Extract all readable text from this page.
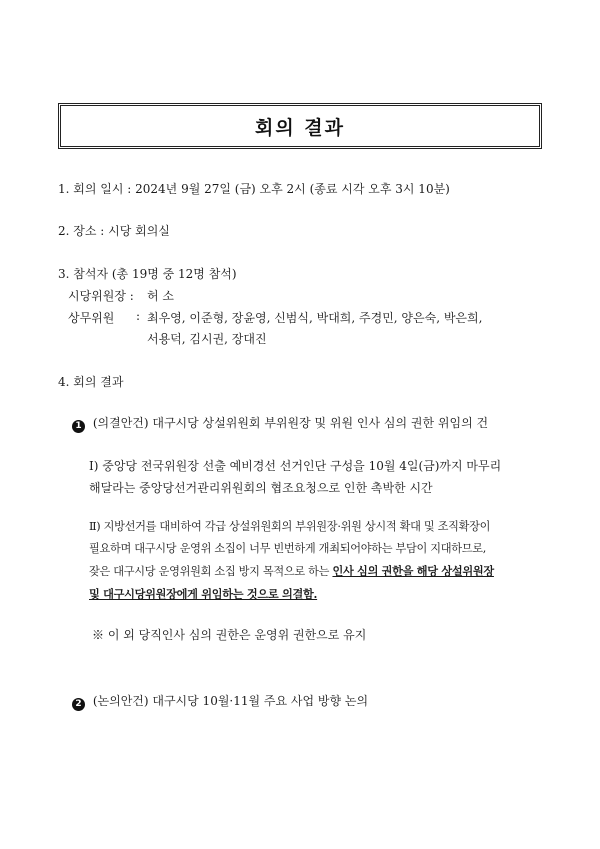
회의 결과
1. 회의 일시 : 2024년 9월 27일 (금) 오후 2시 (종료 시각 오후 3시 10분)
2. 장소 : 시당 회의실
3. 참석자 (총 19명 중 12명 참석)
시당위원장 : 허 소
상무위원 : 최우영, 이준형, 장윤영, 신범식, 박대희, 주경민, 양은숙, 박은희,
서용덕, 김시권, 장대진
4. 회의 결과
1 (의결안건) 대구시당 상설위원회 부위원장 및 위원 인사 심의 권한 위임의 건
Ⅰ) 중앙당 전국위원장 선출 예비경선 선거인단 구성을 10월 4일(금)까지 마무리
해달라는 중앙당선거관리위원회의 협조요청으로 인한 촉박한 시간
Ⅱ) 지방선거를 대비하여 각급 상설위원회의 부위원장·위원 상시적 확대 및 조직확장이
필요하며 대구시당 운영위 소집이 너무 빈번하게 개최되어야하는 부담이 지대하므로,
잦은 대구시당 운영위원회 소집 방지 목적으로 하는 인사 심의 권한을 해당 상설위원장
및 대구시당위원장에게 위임하는 것으로 의결함.
※ 이 외 당직인사 심의 권한은 운영위 권한으로 유지
2 (논의안건) 대구시당 10월·11월 주요 사업 방향 논의
